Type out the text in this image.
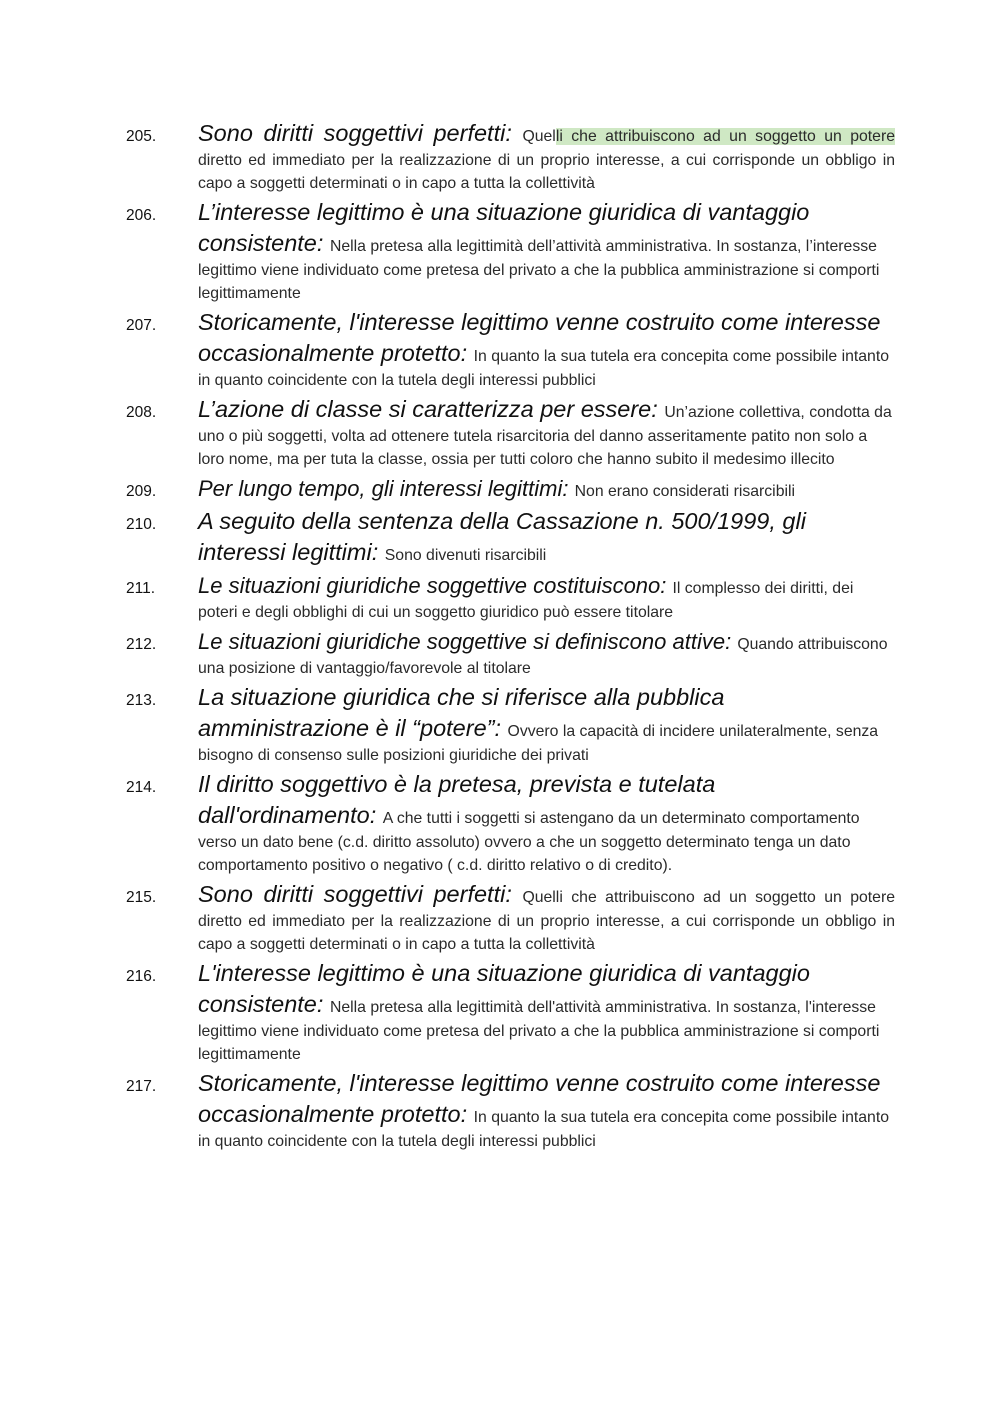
205.	Sono diritti soggettivi perfetti: Quelli che attribuiscono ad un soggetto un potere diretto ed immediato per la realizzazione di un proprio interesse, a cui corrisponde un obbligo in capo a soggetti determinati o in capo a tutta la collettività

206.	L’interesse legittimo è una situazione giuridica di vantaggio consistente: Nella pretesa alla legittimità dell’attività amministrativa. In sostanza, l’interesse legittimo viene individuato come pretesa del privato a che la pubblica amministrazione si comporti legittimamente

207.	Storicamente, l'interesse legittimo venne costruito come interesse occasionalmente protetto: In quanto la sua tutela era concepita come possibile intanto in quanto coincidente con la tutela degli interessi pubblici

208.	L’azione di classe si caratterizza per essere: Un’azione collettiva, condotta da uno o più soggetti, volta ad ottenere tutela risarcitoria del danno asseritamente patito non solo a loro nome, ma per tuta la classe, ossia per tutti coloro che hanno subito il medesimo illecito

209.	Per lungo tempo, gli interessi legittimi: Non erano considerati risarcibili

210.	A seguito della sentenza della Cassazione n. 500/1999, gli interessi legittimi: Sono divenuti risarcibili

211.	Le situazioni giuridiche soggettive costituiscono: Il complesso dei diritti, dei poteri e degli obblighi di cui un soggetto giuridico può essere titolare

212.	Le situazioni giuridiche soggettive si definiscono attive: Quando attribuiscono una posizione di vantaggio/favorevole al titolare

213.	La situazione giuridica che si riferisce alla pubblica amministrazione è il “potere”: Ovvero la capacità di incidere unilateralmente, senza bisogno di consenso sulle posizioni giuridiche dei privati

214.	Il diritto soggettivo è la pretesa, prevista e tutelata dall'ordinamento: A che tutti i soggetti si astengano da un determinato comportamento verso un dato bene (c.d. diritto assoluto) ovvero a che un soggetto determinato tenga un dato comportamento positivo o negativo ( c.d. diritto relativo o di credito).

215.	Sono diritti soggettivi perfetti: Quelli che attribuiscono ad un soggetto un potere diretto ed immediato per la realizzazione di un proprio interesse, a cui corrisponde un obbligo in capo a soggetti determinati o in capo a tutta la collettività

216.	L'interesse legittimo è una situazione giuridica di vantaggio consistente: Nella pretesa alla legittimità dell'attività amministrativa. In sostanza, l'interesse legittimo viene individuato come pretesa del privato a che la pubblica amministrazione si comporti legittimamente

217.	Storicamente, l'interesse legittimo venne costruito come interesse occasionalmente protetto: In quanto la sua tutela era concepita come possibile intanto in quanto coincidente con la tutela degli interessi pubblici
